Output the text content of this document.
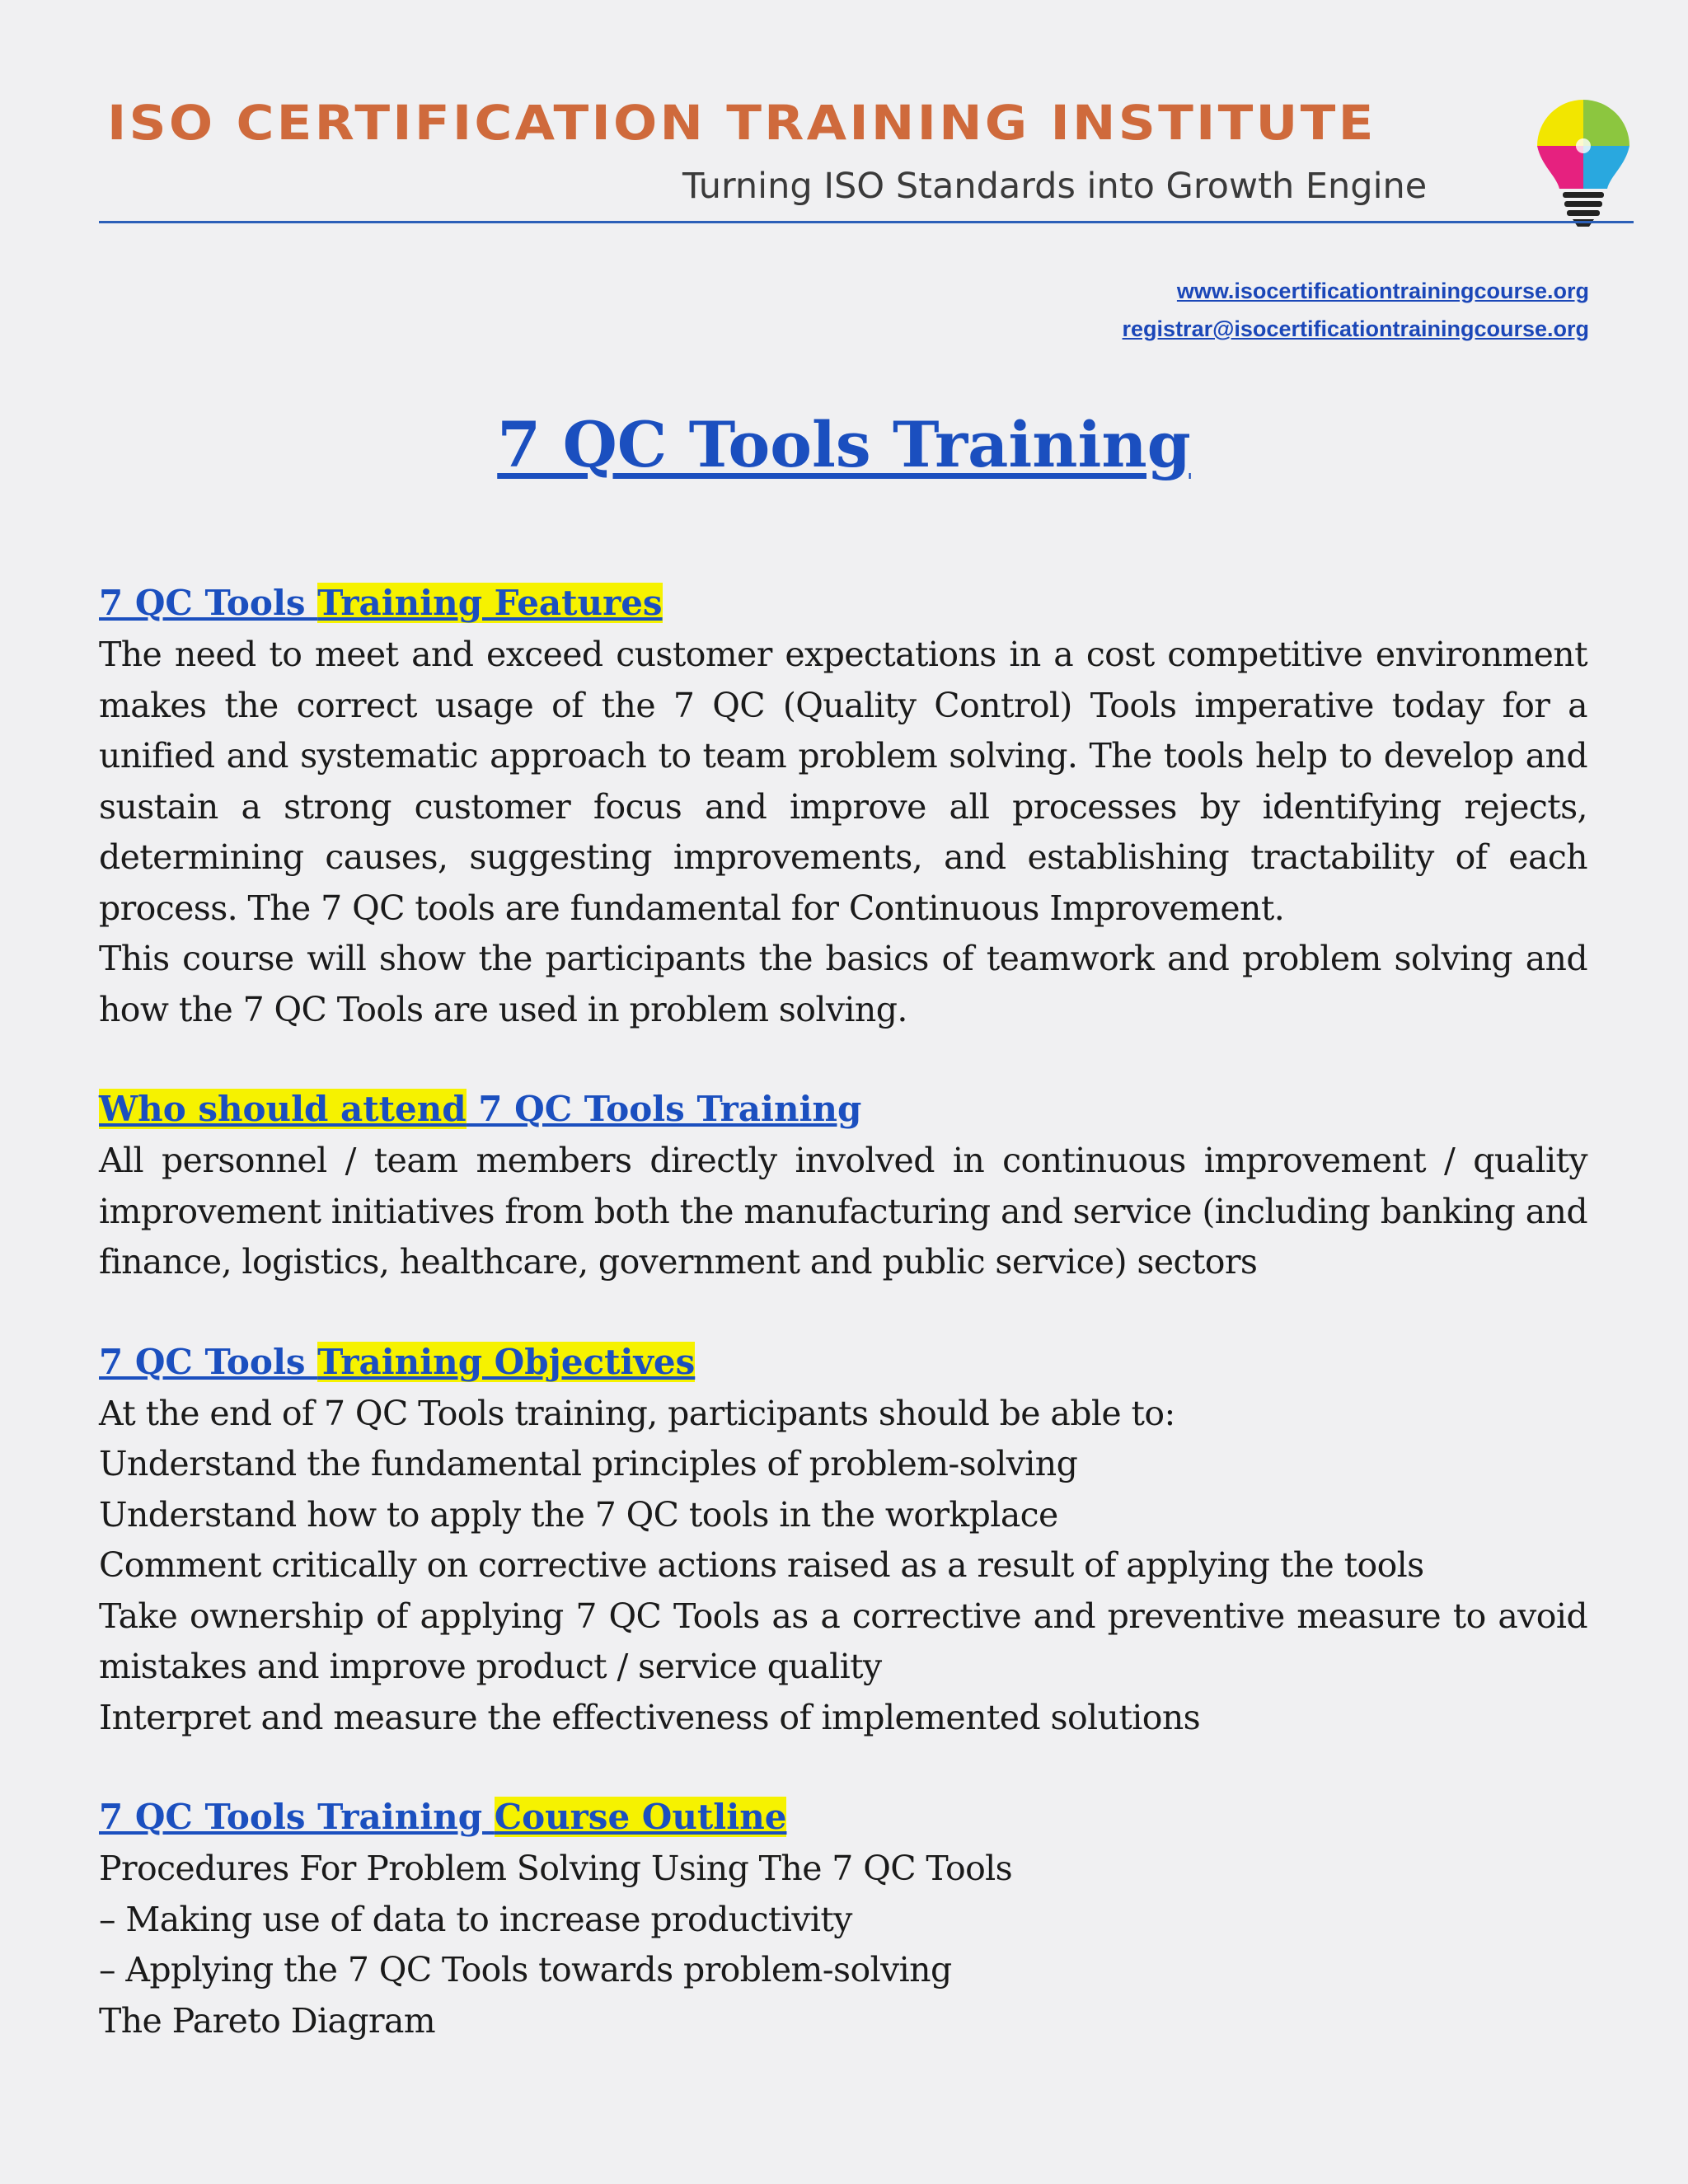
ISO CERTIFICATION TRAINING INSTITUTE
Turning ISO Standards into Growth Engine
www.isocertificationtrainingcourse.org
registrar@isocertificationtrainingcourse.org
7 QC Tools Training
7 QC Tools Training Features
The need to meet and exceed customer expectations in a cost competitive environment makes the correct usage of the 7 QC (Quality Control) Tools imperative today for a unified and systematic approach to team problem solving. The tools help to develop and sustain a strong customer focus and improve all processes by identifying rejects, determining causes, suggesting improvements, and establishing tractability of each process. The 7 QC tools are fundamental for Continuous Improvement.
This course will show the participants the basics of teamwork and problem solving and how the 7 QC Tools are used in problem solving.
Who should attend 7 QC Tools Training
All personnel / team members directly involved in continuous improvement / quality improvement initiatives from both the manufacturing and service (including banking and finance, logistics, healthcare, government and public service) sectors
7 QC Tools Training Objectives
At the end of 7 QC Tools training, participants should be able to:
Understand the fundamental principles of problem-solving
Understand how to apply the 7 QC tools in the workplace
Comment critically on corrective actions raised as a result of applying the tools
Take ownership of applying 7 QC Tools as a corrective and preventive measure to avoid mistakes and improve product / service quality
Interpret and measure the effectiveness of implemented solutions
7 QC Tools Training Course Outline
Procedures For Problem Solving Using The 7 QC Tools
– Making use of data to increase productivity
– Applying the 7 QC Tools towards problem-solving
The Pareto Diagram
